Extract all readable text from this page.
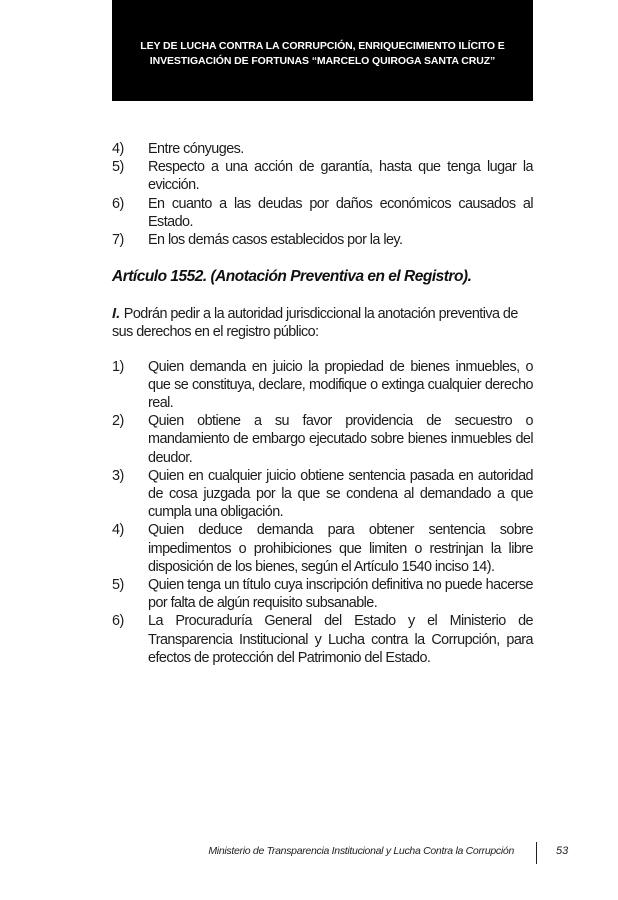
LEY DE LUCHA CONTRA LA CORRUPCIÓN, ENRIQUECIMIENTO ILÍCITO E INVESTIGACIÓN DE FORTUNAS “MARCELO QUIROGA SANTA CRUZ”
4)	Entre cónyuges.
5)	Respecto a una acción de garantía, hasta que tenga lugar la evicción.
6)	En cuanto a las deudas por daños económicos causados al Estado.
7)	En los demás casos establecidos por la ley.
Artículo 1552. (Anotación Preventiva en el Registro).
I. Podrán pedir a la autoridad jurisdiccional la anotación preventiva de sus derechos en el registro público:
1)	Quien demanda en juicio la propiedad de bienes inmuebles, o que se constituya, declare, modifique o extinga cualquier derecho real.
2)	Quien obtiene a su favor providencia de secuestro o mandamiento de embargo ejecutado sobre bienes inmuebles del deudor.
3)	Quien en cualquier juicio obtiene sentencia pasada en autoridad de cosa juzgada por la que se condena al demandado a que cumpla una obligación.
4)	Quien deduce demanda para obtener sentencia sobre impedimentos o prohibiciones que limiten o restrinjan la libre disposición de los bienes, según el Artículo 1540 inciso 14).
5)	Quien tenga un título cuya inscripción definitiva no puede hacerse por falta de algún requisito subsanable.
6)	La Procuraduría General del Estado y el Ministerio de Transparencia Institucional y Lucha contra la Corrupción, para efectos de protección del Patrimonio del Estado.
Ministerio de Transparencia Institucional y Lucha Contra la Corrupción	53
